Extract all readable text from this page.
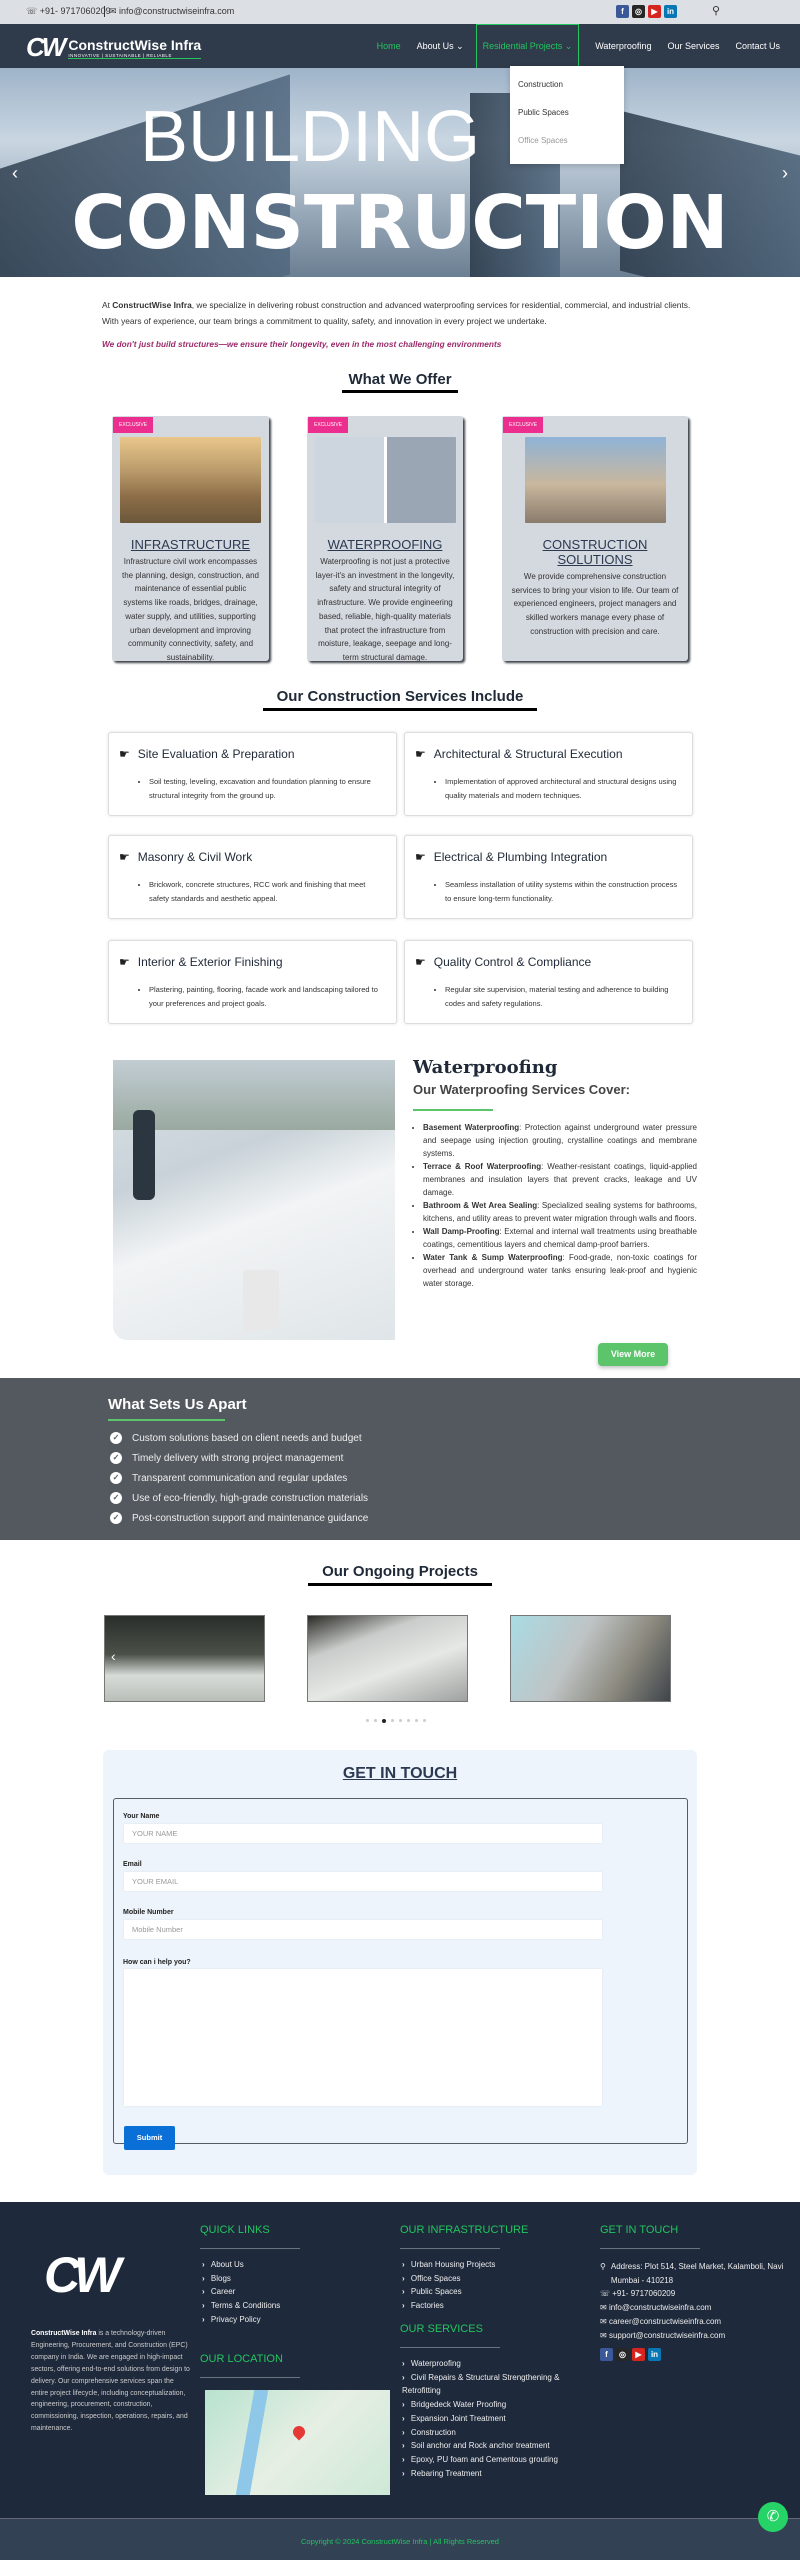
☏ +91- 9717060209
✉ info@constructwiseinfra.com	f ◎ ▶ in	⚲
CW ConstructWise Infra
INNOVATIVE | SUSTAINABLE | RELIABLE
Home About Us ⌄	Residential Projects ⌄	Waterproofing Our Services Contact Us
BUILDING
CONSTRUCTION
‹	›
Construction
Public Spaces
Office Spaces
At ConstructWise Infra, we specialize in delivering robust construction and advanced waterproofing services for residential, commercial, and industrial clients. With years of experience, our team brings a commitment to quality, safety, and innovation in every project we undertake.
We don't just build structures—we ensure their longevity, even in the most challenging environments
What We Offer
EXCLUSIVE
INFRASTRUCTURE

Infrastructure civil work encompasses the planning, design, construction, and maintenance of essential public systems like roads, bridges, drainage, water supply, and utilities, supporting urban development and improving community connectivity, safety, and sustainability.

EXCLUSIVE
WATERPROOFING

Waterproofing is not just a protective layer-it's an investment in the longevity, safety and structural integrity of infrastructure. We provide engineering based, reliable, high-quality materials that protect the infrastructure from moisture, leakage, seepage and long-term structural damage.

EXCLUSIVE
CONSTRUCTION SOLUTIONS

We provide comprehensive construction services to bring your vision to life. Our team of experienced engineers, project managers and skilled workers manage every phase of construction with precision and care.

Our Construction Services Include
☛ Site Evaluation & Preparation
• Soil testing, leveling, excavation and foundation planning to ensure structural integrity from the ground up.
☛ Architectural & Structural Execution
• Implementation of approved architectural and structural designs using quality materials and modern techniques.
☛ Masonry & Civil Work
• Brickwork, concrete structures, RCC work and finishing that meet safety standards and aesthetic appeal.
☛ Electrical & Plumbing Integration
• Seamless installation of utility systems within the construction process to ensure long-term functionality.
☛ Interior & Exterior Finishing
• Plastering, painting, flooring, facade work and landscaping tailored to your preferences and project goals.
☛ Quality Control & Compliance
• Regular site supervision, material testing and adherence to building codes and safety regulations.
Waterproofing
Our Waterproofing Services Cover:
• Basement Waterproofing: Protection against underground water pressure and seepage using injection grouting, crystalline coatings and membrane systems.
• Terrace & Roof Waterproofing: Weather-resistant coatings, liquid-applied membranes and insulation layers that prevent cracks, leakage and UV damage.
• Bathroom & Wet Area Sealing: Specialized sealing systems for bathrooms, kitchens, and utility areas to prevent water migration through walls and floors.
• Wall Damp-Proofing: External and internal wall treatments using breathable coatings, cementitious layers and chemical damp-proof barriers.
• Water Tank & Sump Waterproofing: Food-grade, non-toxic coatings for overhead and underground water tanks ensuring leak-proof and hygienic water storage.
View More
What Sets Us Apart
✓ Custom solutions based on client needs and budget
✓ Timely delivery with strong project management
✓ Transparent communication and regular updates
✓ Use of eco-friendly, high-grade construction materials
✓ Post-construction support and maintenance guidance
Our Ongoing Projects
‹	›
GET IN TOUCH
Your Name
YOUR NAME
Email
YOUR EMAIL
Mobile Number
Mobile Number
How can i help you?
Submit
CW
ConstructWise Infra is a technology-driven Engineering, Procurement, and Construction (EPC) company in India. We are engaged in high-impact sectors, offering end-to-end solutions from design to delivery. Our comprehensive services span the entire project lifecycle, including conceptualization, engineering, procurement, construction, commissioning, inspection, operations, repairs, and maintenance.
QUICK LINKS
› About Us
› Blogs
› Career
› Terms & Conditions
› Privacy Policy
OUR LOCATION
OUR INFRASTRUCTURE
› Urban Housing Projects
› Office Spaces
› Public Spaces
› Factories
OUR SERVICES
› Waterproofing
› Civil Repairs & Structural Strengthening & Retrofitting
› Bridgedeck Water Proofing
› Expansion Joint Treatment
› Construction
› Soil anchor and Rock anchor treatment
› Epoxy, PU foam and Cementous grouting
› Rebaring Treatment
GET IN TOUCH
⚲ Address: Plot 514, Steel Market, Kalamboli, Navi Mumbai - 410218
☏ +91- 9717060209
✉ info@constructwiseinfra.com
✉ career@constructwiseinfra.com
✉ support@constructwiseinfra.com
f ◎ ▶ in

Copyright © 2024 ConstructWise Infra | All Rights Reserved

✆
